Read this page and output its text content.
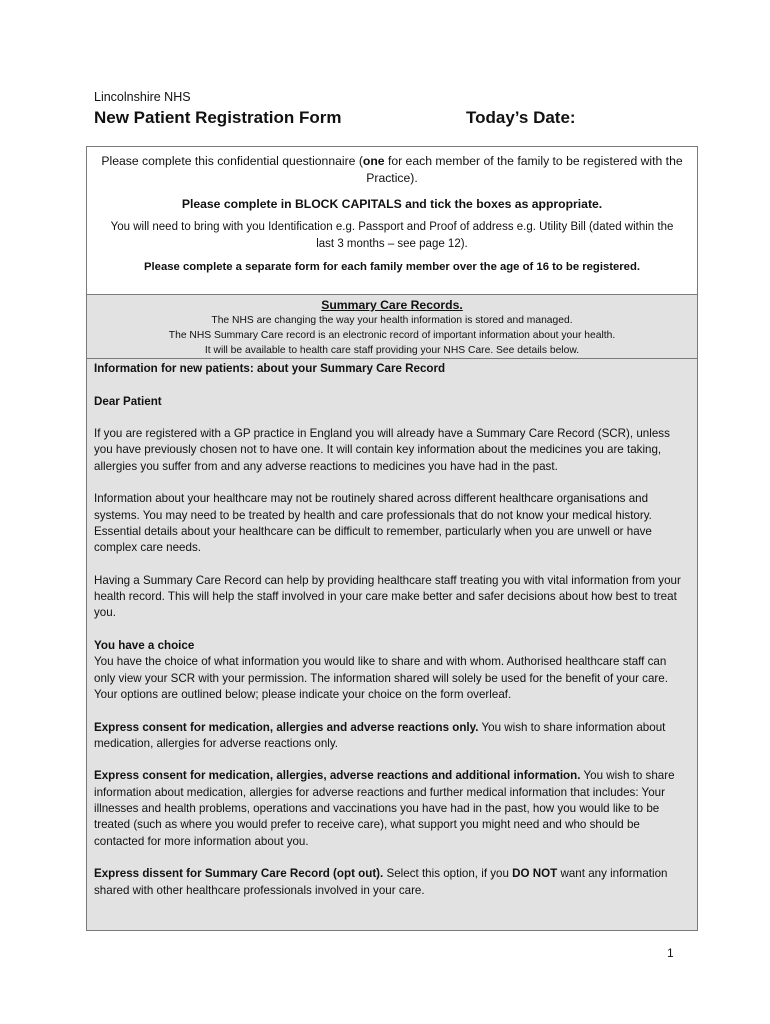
Lincolnshire NHS
New Patient Registration Form	Today’s Date:

Please complete this confidential questionnaire (one for each member of the family to be registered with the Practice).

Please complete in BLOCK CAPITALS and tick the boxes as appropriate.

You will need to bring with you Identification e.g. Passport and Proof of address e.g. Utility Bill (dated within the last 3 months – see page 12).

Please complete a separate form for each family member over the age of 16 to be registered.

Summary Care Records.
The NHS are changing the way your health information is stored and managed.
The NHS Summary Care record is an electronic record of important information about your health.
It will be available to health care staff providing your NHS Care. See details below.

Information for new patients: about your Summary Care Record

Dear Patient

If you are registered with a GP practice in England you will already have a Summary Care Record (SCR), unless you have previously chosen not to have one. It will contain key information about the medicines you are taking, allergies you suffer from and any adverse reactions to medicines you have had in the past.

Information about your healthcare may not be routinely shared across different healthcare organisations and systems. You may need to be treated by health and care professionals that do not know your medical history. Essential details about your healthcare can be difficult to remember, particularly when you are unwell or have complex care needs.

Having a Summary Care Record can help by providing healthcare staff treating you with vital information from your health record. This will help the staff involved in your care make better and safer decisions about how best to treat you.

You have a choice

You have the choice of what information you would like to share and with whom. Authorised healthcare staff can only view your SCR with your permission. The information shared will solely be used for the benefit of your care.

Your options are outlined below; please indicate your choice on the form overleaf.

Express consent for medication, allergies and adverse reactions only. You wish to share information about medication, allergies for adverse reactions only.

Express consent for medication, allergies, adverse reactions and additional information. You wish to share information about medication, allergies for adverse reactions and further medical information that includes: Your illnesses and health problems, operations and vaccinations you have had in the past, how you would like to be treated (such as where you would prefer to receive care), what support you might need and who should be contacted for more information about you.

Express dissent for Summary Care Record (opt out). Select this option, if you DO NOT want any information shared with other healthcare professionals involved in your care.

1
